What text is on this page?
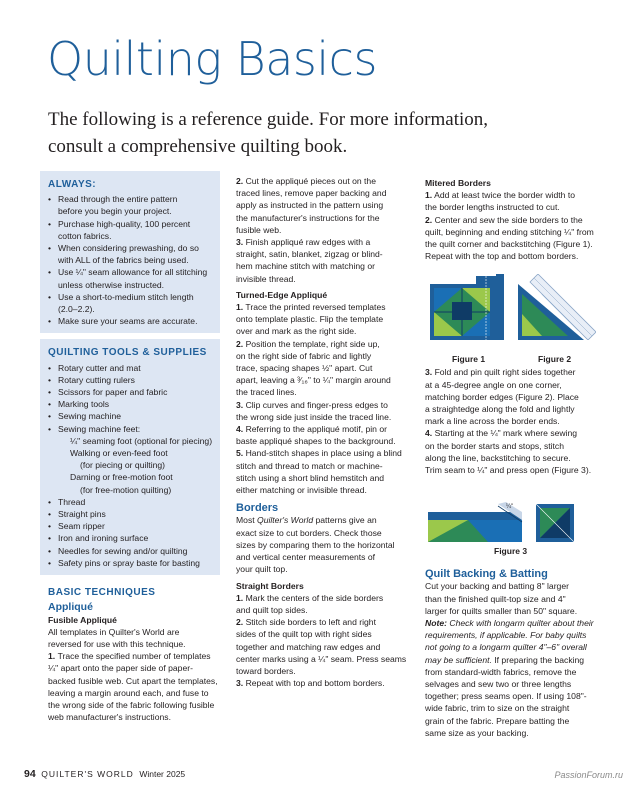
Quilting Basics
The following is a reference guide. For more information,
consult a comprehensive quilting book.
ALWAYS:
• Read through the entire pattern
before you begin your project.
• Purchase high-quality, 100 percent
cotton fabrics.
• When considering prewashing, do so
with ALL of the fabrics being used.
• Use ¼" seam allowance for all stitching
unless otherwise instructed.
• Use a short-to-medium stitch length
(2.0–2.2).
• Make sure your seams are accurate.
QUILTING TOOLS & SUPPLIES
• Rotary cutter and mat
• Rotary cutting rulers
• Scissors for paper and fabric
• Marking tools
• Sewing machine
• Sewing machine feet:
¼" seaming foot (optional for piecing)
Walking or even-feed foot
(for piecing or quilting)
Darning or free-motion foot
(for free-motion quilting)
• Thread
• Straight pins
• Seam ripper
• Iron and ironing surface
• Needles for sewing and/or quilting
• Safety pins or spray baste for basting
BASIC TECHNIQUES
Appliqué
Fusible Appliqué
All templates in Quilter's World are
reversed for use with this technique.
1. Trace the specified number of templates
¼" apart onto the paper side of paper-
backed fusible web. Cut apart the templates,
leaving a margin around each, and fuse to
the wrong side of the fabric following fusible
web manufacturer's instructions.
2. Cut the appliqué pieces out on the
traced lines, remove paper backing and
apply as instructed in the pattern using
the manufacturer's instructions for the
fusible web.
3. Finish appliqué raw edges with a
straight, satin, blanket, zigzag or blind-
hem machine stitch with matching or
invisible thread.
Turned-Edge Appliqué
1. Trace the printed reversed templates
onto template plastic. Flip the template
over and mark as the right side.
2. Position the template, right side up,
on the right side of fabric and lightly
trace, spacing shapes ½" apart. Cut
apart, leaving a ³⁄₁₆" to ¼" margin around
the traced lines.
3. Clip curves and finger-press edges to
the wrong side just inside the traced line.
4. Referring to the appliqué motif, pin or
baste appliqué shapes to the background.
5. Hand-stitch shapes in place using a blind
stitch and thread to match or machine-
stitch using a short blind hemstitch and
either matching or invisible thread.
Borders
Most Quilter's World patterns give an
exact size to cut borders. Check those
sizes by comparing them to the horizontal
and vertical center measurements of
your quilt top.
Straight Borders
1. Mark the centers of the side borders
and quilt top sides.
2. Stitch side borders to left and right
sides of the quilt top with right sides
together and matching raw edges and
center marks using a ¼" seam. Press seams
toward borders.
3. Repeat with top and bottom borders.
Mitered Borders
1. Add at least twice the border width to
the border lengths instructed to cut.
2. Center and sew the side borders to the
quilt, beginning and ending stitching ¼" from
the quilt corner and backstitching (Figure 1).
Repeat with the top and bottom borders.
3. Fold and pin quilt right sides together
at a 45-degree angle on one corner,
matching border edges (Figure 2). Place
a straightedge along the fold and lightly
mark a line across the border ends.
4. Starting at the ¼" mark where sewing
on the border starts and stops, stitch
along the line, backstitching to secure.
Trim seam to ¼" and press open (Figure 3).
Quilt Backing & Batting
Cut your backing and batting 8" larger
than the finished quilt-top size and 4"
larger for quilts smaller than 50" square.
Note: Check with longarm quilter about their
requirements, if applicable. For baby quilts
not going to a longarm quilter 4"–6" overall
may be sufficient. If preparing the backing
from standard-width fabrics, remove the
selvages and sew two or three lengths
together; press seams open. If using 108"-
wide fabric, trim to size on the straight
grain of the fabric. Prepare batting the
same size as your backing.
Figure 1	Figure 2
¼"
Figure 3
94 QUILTER'S WORLD Winter 2025	PassionForum.ru
